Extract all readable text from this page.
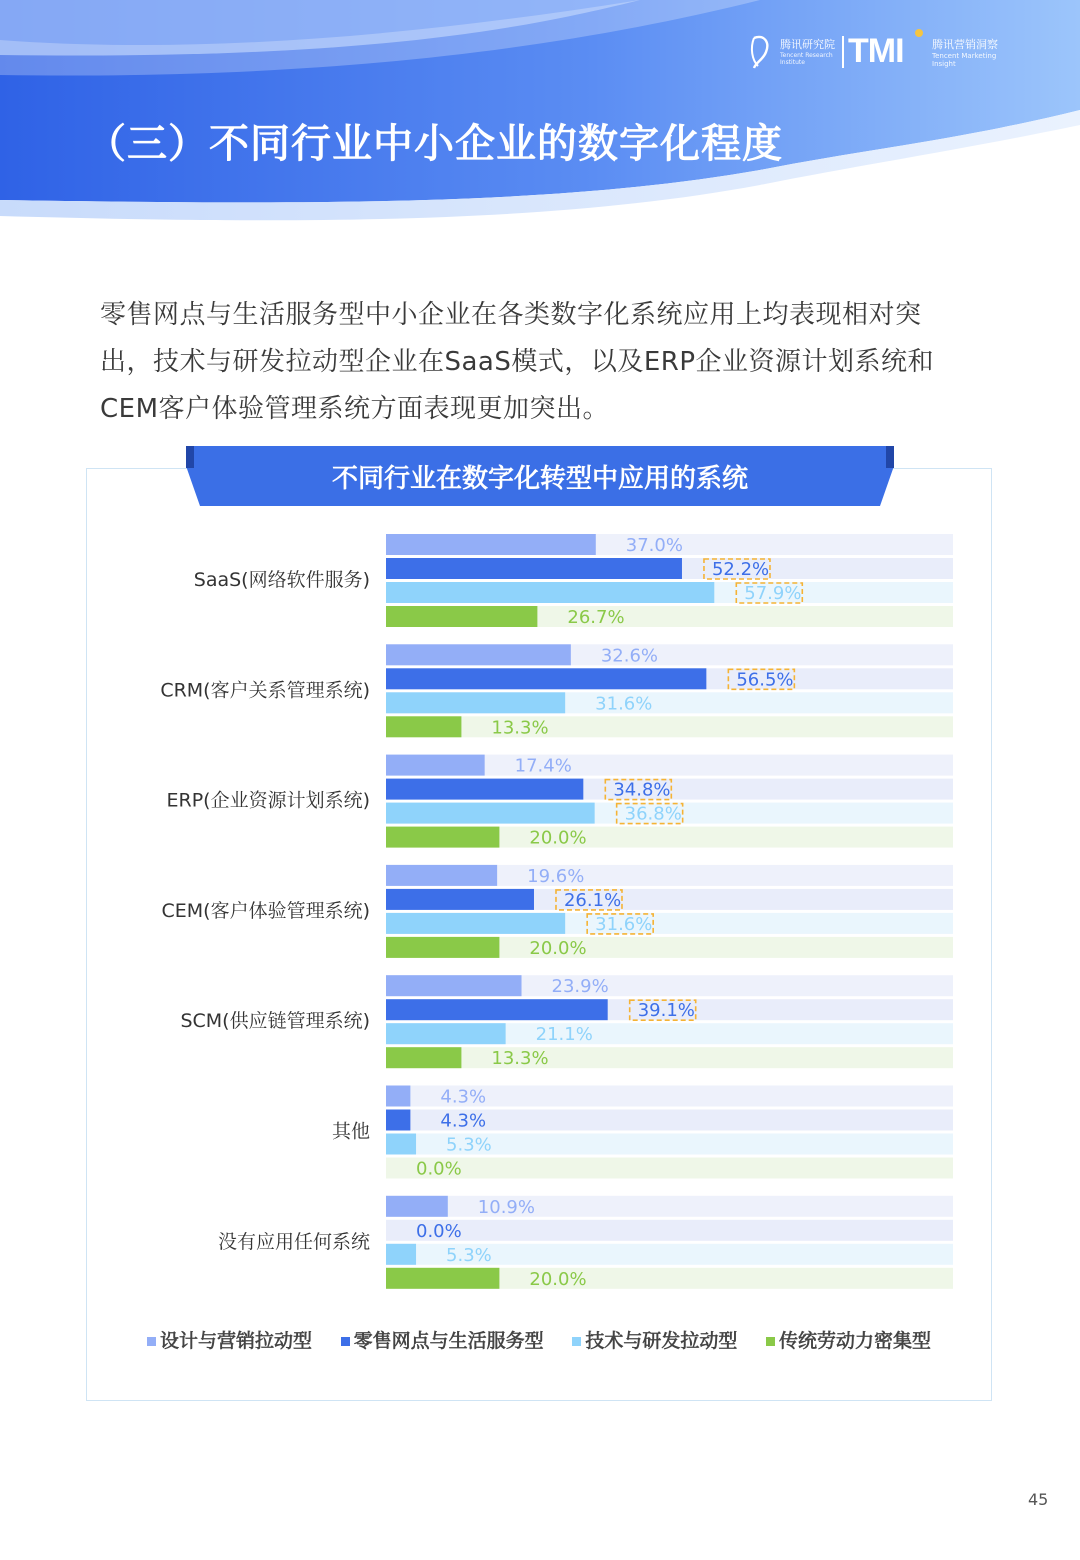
（三）不同行业中小企业的数字化程度
腾讯研究院
Tencent Research Institute	TMI	腾讯营销洞察
Tencent Marketing Insight
零售网点与生活服务型中小企业在各类数字化系统应用上均表现相对突
出，技术与研发拉动型企业在SaaS模式，以及ERP企业资源计划系统和
CEM客户体验管理系统方面表现更加突出。
不同行业在数字化转型中应用的系统
SaaS(网络软件服务)
37.0%
52.2%
57.9%
26.7%
CRM(客户关系管理系统)
32.6%
56.5%
31.6%
13.3%
ERP(企业资源计划系统)
17.4%
34.8%
36.8%
20.0%
CEM(客户体验管理系统)
19.6%
26.1%
31.6%
20.0%
SCM(供应链管理系统)
23.9%
39.1%
21.1%
13.3%
其他
4.3%
4.3%
5.3%
0.0%
没有应用任何系统
10.9%
0.0%
5.3%
20.0%
设计与营销拉动型 零售网点与生活服务型 技术与研发拉动型 传统劳动力密集型
45
